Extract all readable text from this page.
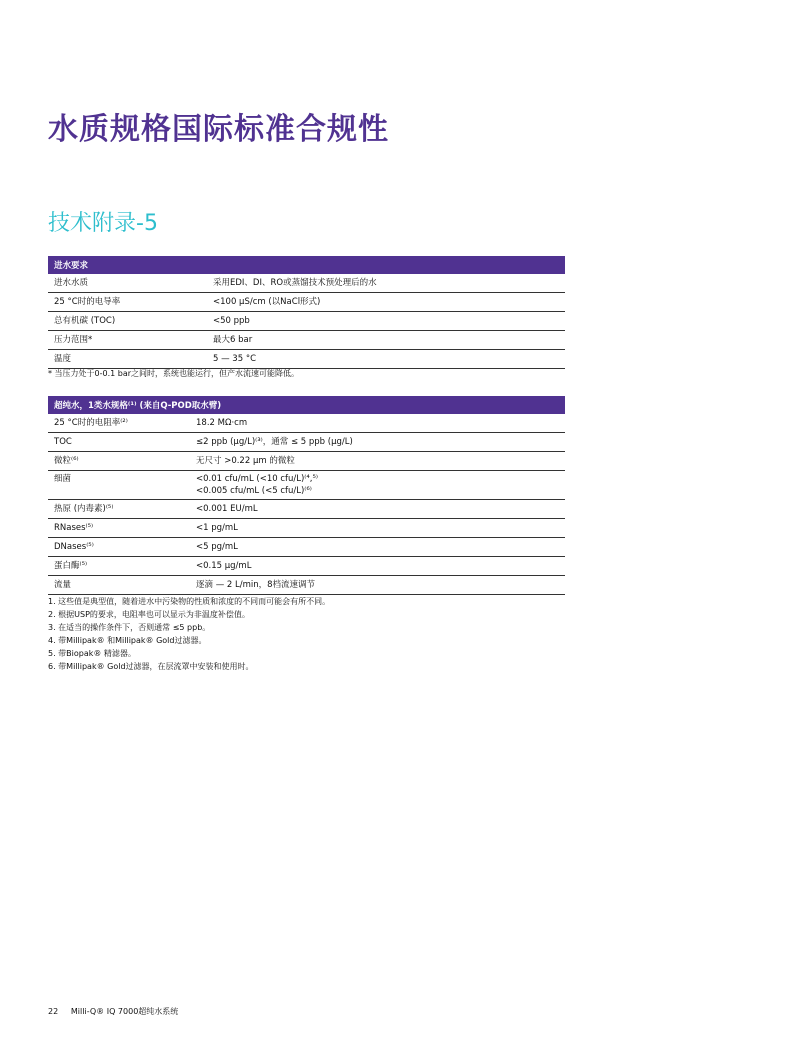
水质规格国际标准合规性
技术附录-5
进水要求	
进水水质	采用EDI、DI、RO或蒸馏技术预处理后的水
25 °C时的电导率	<100 µS/cm (以NaCl形式)
总有机碳 (TOC)	<50 ppb
压力范围*	最大6 bar
温度	5 — 35 °C

* 当压力处于0-0.1 bar之间时，系统也能运行，但产水流速可能降低。

超纯水，1类水规格⁽¹⁾ (来自Q-POD取水臂)	
25 °C时的电阻率⁽²⁾	18.2 MΩ·cm
TOC	≤2 ppb (µg/L)⁽³⁾，通常 ≤ 5 ppb (µg/L)
微粒⁽⁶⁾	无尺寸 >0.22 µm 的微粒
细菌	<0.01 cfu/mL (<10 cfu/L)⁽⁴,⁵⁾
<0.005 cfu/mL (<5 cfu/L)⁽⁶⁾

热原 (内毒素)⁽⁵⁾	<0.001 EU/mL
RNases⁽⁵⁾	<1 pg/mL
DNases⁽⁵⁾	<5 pg/mL
蛋白酶⁽⁵⁾	<0.15 µg/mL
流量	逐滴 — 2 L/min，8档流速调节
1. 这些值是典型值，随着进水中污染物的性质和浓度的不同而可能会有所不同。
2. 根据USP的要求，电阻率也可以显示为非温度补偿值。
3. 在适当的操作条件下，否则通常 ≤5 ppb。
4. 带Millipak® 和Millipak® Gold过滤器。
5. 带Biopak® 精滤器。
6. 带Millipak® Gold过滤器，在层流罩中安装和使用时。
22 Milli-Q® IQ 7000超纯水系统
